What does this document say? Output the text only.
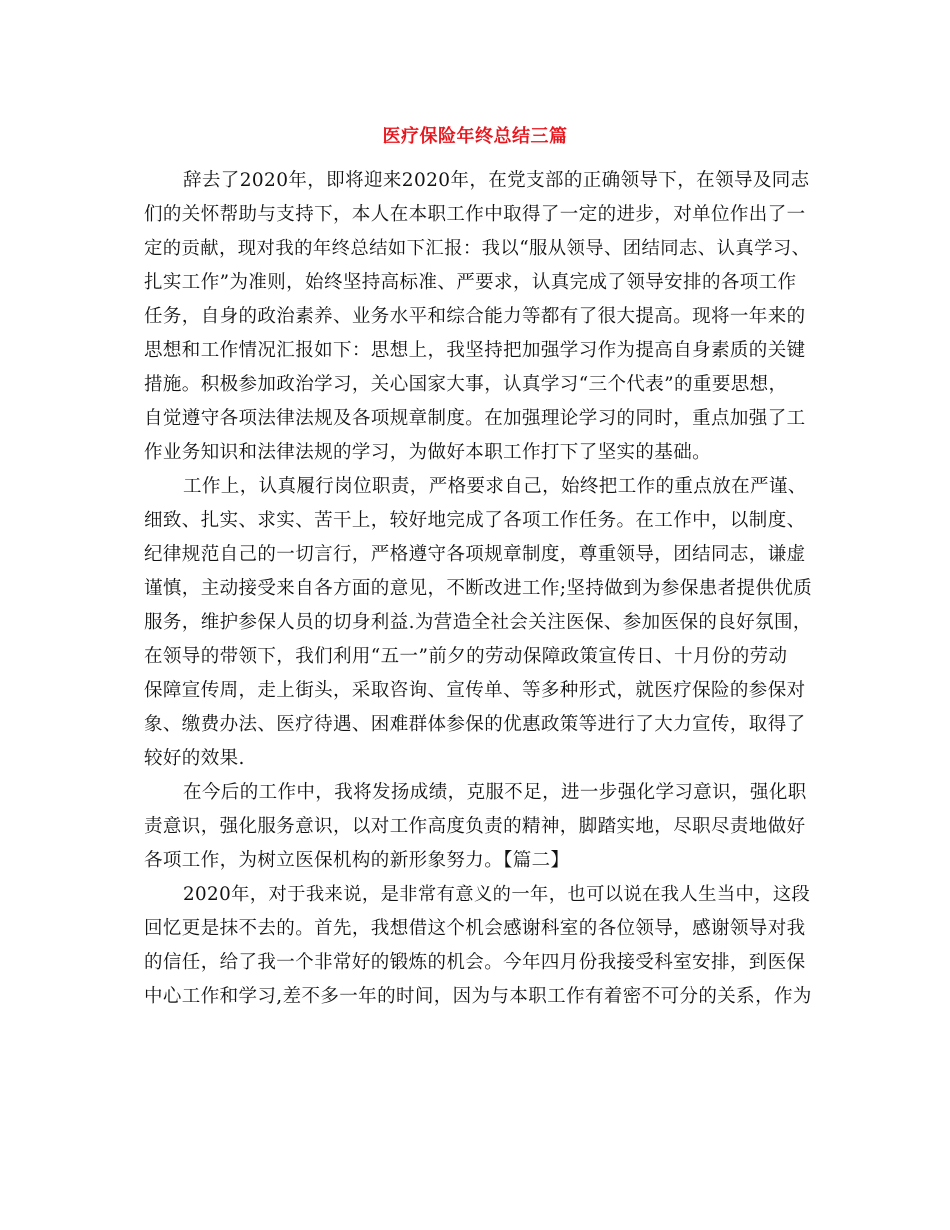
医疗保险年终总结三篇
辞去了2020年，即将迎来2020年，在党支部的正确领导下，在领导及同志
们的关怀帮助与支持下，本人在本职工作中取得了一定的进步，对单位作出了一
定的贡献，现对我的年终总结如下汇报：我以“服从领导、团结同志、认真学习、
扎实工作”为准则，始终坚持高标准、严要求，认真完成了领导安排的各项工作
任务，自身的政治素养、业务水平和综合能力等都有了很大提高。现将一年来的
思想和工作情况汇报如下：思想上，我坚持把加强学习作为提高自身素质的关键
措施。积极参加政治学习，关心国家大事，认真学习“三个代表”的重要思想，
自觉遵守各项法律法规及各项规章制度。在加强理论学习的同时，重点加强了工
作业务知识和法律法规的学习，为做好本职工作打下了坚实的基础。
工作上，认真履行岗位职责，严格要求自己，始终把工作的重点放在严谨、
细致、扎实、求实、苦干上，较好地完成了各项工作任务。在工作中，以制度、
纪律规范自己的一切言行，严格遵守各项规章制度，尊重领导，团结同志，谦虚
谨慎，主动接受来自各方面的意见，不断改进工作;坚持做到为参保患者提供优质
服务，维护参保人员的切身利益.为营造全社会关注医保、参加医保的良好氛围，
在领导的带领下，我们利用“五一”前夕的劳动保障政策宣传日、十月份的劳动
保障宣传周，走上街头，采取咨询、宣传单、等多种形式，就医疗保险的参保对
象、缴费办法、医疗待遇、困难群体参保的优惠政策等进行了大力宣传，取得了
较好的效果.
在今后的工作中，我将发扬成绩，克服不足，进一步强化学习意识，强化职
责意识，强化服务意识，以对工作高度负责的精神，脚踏实地，尽职尽责地做好
各项工作，为树立医保机构的新形象努力。【篇二】
2020年，对于我来说，是非常有意义的一年，也可以说在我人生当中，这段
回忆更是抹不去的。首先，我想借这个机会感谢科室的各位领导，感谢领导对我
的信任，给了我一个非常好的锻炼的机会。今年四月份我接受科室安排，到医保
中心工作和学习,差不多一年的时间，因为与本职工作有着密不可分的关系，作为
